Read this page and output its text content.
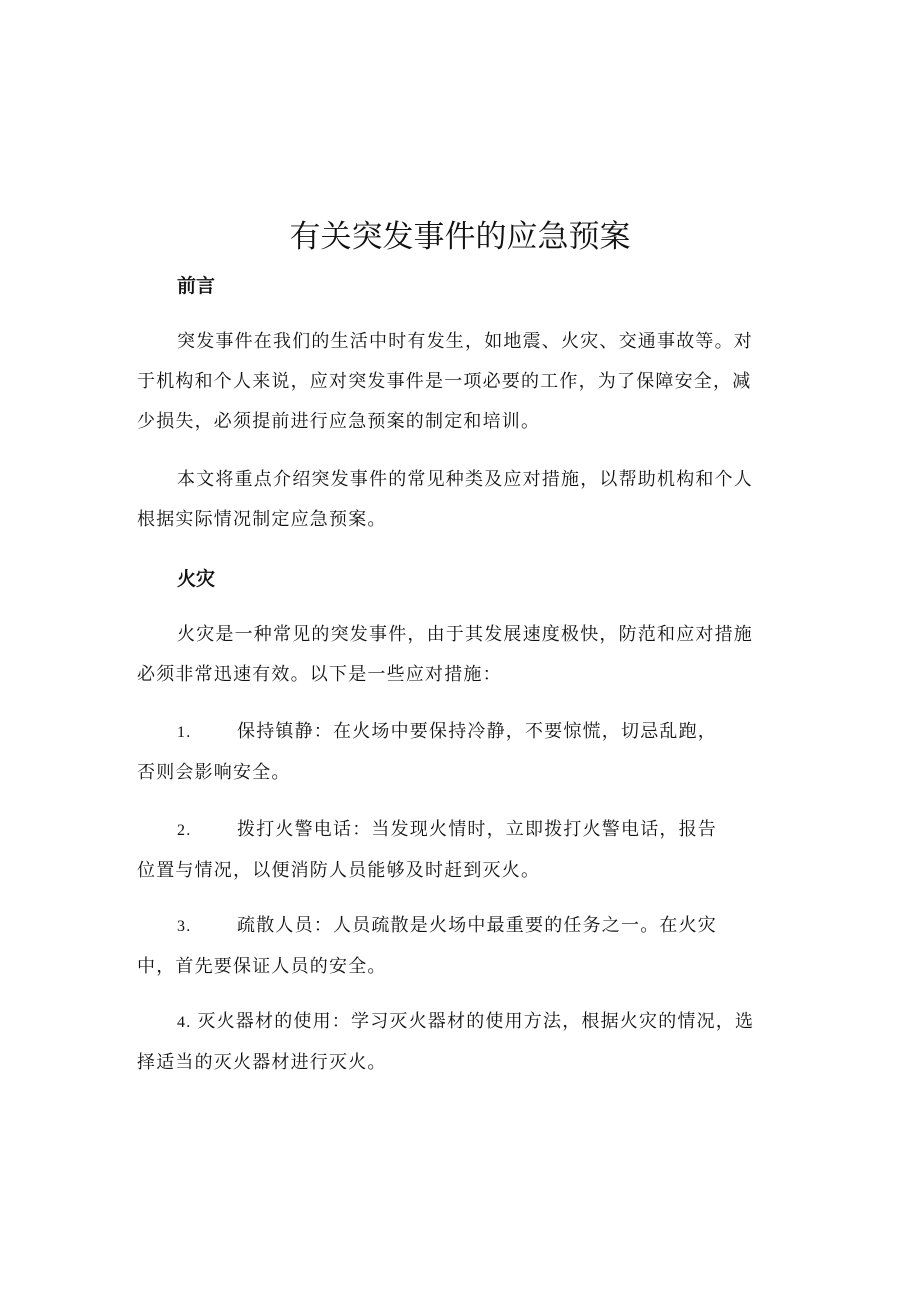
有关突发事件的应急预案
前言
突发事件在我们的生活中时有发生，如地震、火灾、交通事故等。对
于机构和个人来说，应对突发事件是一项必要的工作，为了保障安全，减
少损失，必须提前进行应急预案的制定和培训。
本文将重点介绍突发事件的常见种类及应对措施，以帮助机构和个人
根据实际情况制定应急预案。
火灾
火灾是一种常见的突发事件，由于其发展速度极快，防范和应对措施
必须非常迅速有效。以下是一些应对措施：
1.	保持镇静：在火场中要保持冷静，不要惊慌，切忌乱跑，
否则会影响安全。
2.	拨打火警电话：当发现火情时，立即拨打火警电话，报告
位置与情况，以便消防人员能够及时赶到灭火。
3.	疏散人员：人员疏散是火场中最重要的任务之一。在火灾
中，首先要保证人员的安全。
4. 灭火器材的使用：学习灭火器材的使用方法，根据火灾的情况，选
择适当的灭火器材进行灭火。
